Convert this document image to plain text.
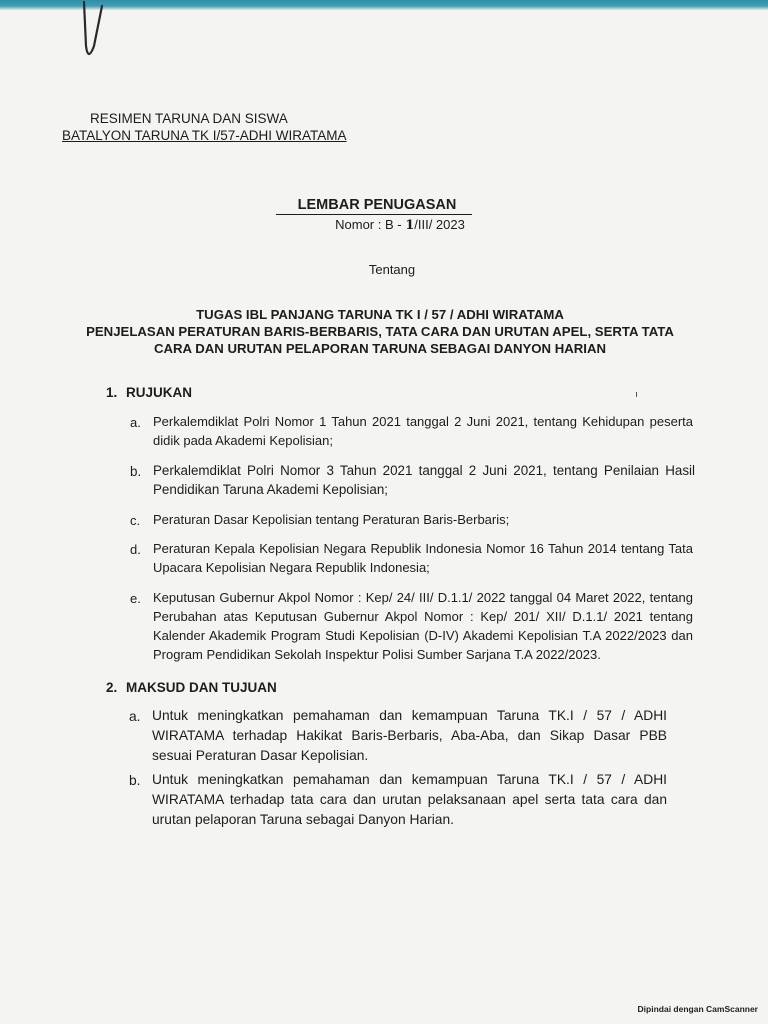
RESIMEN TARUNA DAN SISWA
BATALYON TARUNA TK I/57-ADHI WIRATAMA
LEMBAR PENUGASAN
Nomor : B - 1/III/ 2023
Tentang
TUGAS IBL PANJANG TARUNA TK I / 57 / ADHI WIRATAMA
PENJELASAN PERATURAN BARIS-BERBARIS, TATA CARA DAN URUTAN APEL, SERTA TATA
CARA DAN URUTAN PELAPORAN TARUNA SEBAGAI DANYON HARIAN
1. RUJUKAN
a. Perkalemdiklat Polri Nomor 1 Tahun 2021 tanggal 2 Juni 2021, tentang Kehidupan peserta didik pada Akademi Kepolisian;
b. Perkalemdiklat Polri Nomor 3 Tahun 2021 tanggal 2 Juni 2021, tentang Penilaian Hasil Pendidikan Taruna Akademi Kepolisian;
c. Peraturan Dasar Kepolisian tentang Peraturan Baris-Berbaris;
d. Peraturan Kepala Kepolisian Negara Republik Indonesia Nomor 16 Tahun 2014 tentang Tata Upacara Kepolisian Negara Republik Indonesia;
e. Keputusan Gubernur Akpol Nomor : Kep/ 24/ III/ D.1.1/ 2022 tanggal 04 Maret 2022, tentang Perubahan atas Keputusan Gubernur Akpol Nomor : Kep/ 201/ XII/ D.1.1/ 2021 tentang Kalender Akademik Program Studi Kepolisian (D-IV) Akademi Kepolisian T.A 2022/2023 dan Program Pendidikan Sekolah Inspektur Polisi Sumber Sarjana T.A 2022/2023.
2. MAKSUD DAN TUJUAN
a. Untuk meningkatkan pemahaman dan kemampuan Taruna TK.I / 57 / ADHI WIRATAMA terhadap Hakikat Baris-Berbaris, Aba-Aba, dan Sikap Dasar PBB sesuai Peraturan Dasar Kepolisian.
b. Untuk meningkatkan pemahaman dan kemampuan Taruna TK.I / 57 / ADHI WIRATAMA terhadap tata cara dan urutan pelaksanaan apel serta tata cara dan urutan pelaporan Taruna sebagai Danyon Harian.
Dipindai dengan CamScanner
